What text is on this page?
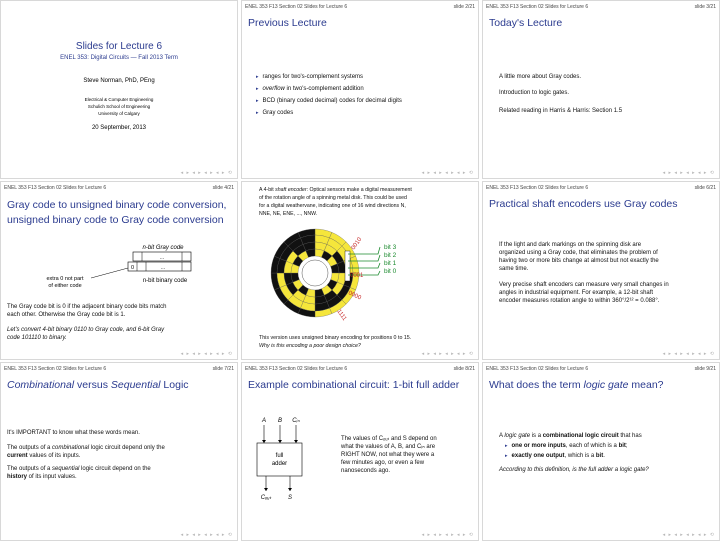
Slides for Lecture 6
ENEL 353: Digital Circuits — Fall 2013 Term
Steve Norman, PhD, PEng
Electrical & Computer Engineering
Schulich School of Engineering
University of Calgary
20 September, 2013
◂ ▸ ◂ ▸ ◂ ▸ ◂ ▸ ⟲
ENEL 353 F13 Section 02 Slides for Lecture 6	slide 2/21
Previous Lecture
▸ ranges for two's-complement systems
▸ overflow in two's-complement addition
▸ BCD (binary coded decimal) codes for decimal digits
▸ Gray codes
◂ ▸ ◂ ▸ ◂ ▸ ◂ ▸ ⟲
ENEL 353 F13 Section 02 Slides for Lecture 6	slide 3/21
Today's Lecture
A little more about Gray codes.
Introduction to logic gates.
Related reading in Harris & Harris: Section 1.5
◂ ▸ ◂ ▸ ◂ ▸ ◂ ▸ ⟲
ENEL 353 F13 Section 02 Slides for Lecture 6	slide 4/21
Gray code to unsigned binary code conversion,
unsigned binary code to Gray code conversion
n-bit Gray code
...
0	...
n-bit binary code
extra 0 not part
of either code
The Gray code bit is 0 if the adjacent binary code bits match
each other. Otherwise the Gray code bit is 1.
Let's convert 4-bit binary 0110 to Gray code, and 6-bit Gray
code 101110 to binary.
◂ ▸ ◂ ▸ ◂ ▸ ◂ ▸ ⟲
A 4-bit shaft encoder: Optical sensors make a digital measurement
of the rotation angle of a spinning metal disk. This could be used
for a digital weathervane, indicating one of 16 wind directions N,
NNE, NE, ENE, ..., NNW.
bit 3
bit 2
bit 1
bit 0
0010
0001
0000
1111
This version uses unsigned binary encoding for positions 0 to 15.
Why is this encoding a poor design choice?
◂ ▸ ◂ ▸ ◂ ▸ ◂ ▸ ⟲
ENEL 353 F13 Section 02 Slides for Lecture 6	slide 6/21
Practical shaft encoders use Gray codes
If the light and dark markings on the spinning disk are
organized using a Gray code, that eliminates the problem of
having two or more bits change at almost but not exactly the
same time.
Very precise shaft encoders can measure very small changes in
angles in industrial equipment. For example, a 12-bit shaft
encoder measures rotation angle to within 360°/2¹² = 0.088°.
◂ ▸ ◂ ▸ ◂ ▸ ◂ ▸ ⟲
ENEL 353 F13 Section 02 Slides for Lecture 6	slide 7/21
Combinational versus Sequential Logic
It's IMPORTANT to know what these words mean.
The outputs of a combinational logic circuit depend only the
current values of its inputs.
The outputs of a sequential logic circuit depend on the
history of its input values.
◂ ▸ ◂ ▸ ◂ ▸ ◂ ▸ ⟲
ENEL 353 F13 Section 02 Slides for Lecture 6	slide 8/21
Example combinational circuit: 1-bit full adder
A B Cᵢₙ
full
adder
Cₒᵤₜ	S
The values of Cₒᵤₜ and S depend on
what the values of A, B, and Cᵢₙ are
RIGHT NOW, not what they were a
few minutes ago, or even a few
nanoseconds ago.
◂ ▸ ◂ ▸ ◂ ▸ ◂ ▸ ⟲
ENEL 353 F13 Section 02 Slides for Lecture 6	slide 9/21
What does the term logic gate mean?
A logic gate is a combinational logic circuit that has
▸ one or more inputs, each of which is a bit;
▸ exactly one output, which is a bit.
According to this definition, is the full adder a logic gate?
◂ ▸ ◂ ▸ ◂ ▸ ◂ ▸ ⟲
